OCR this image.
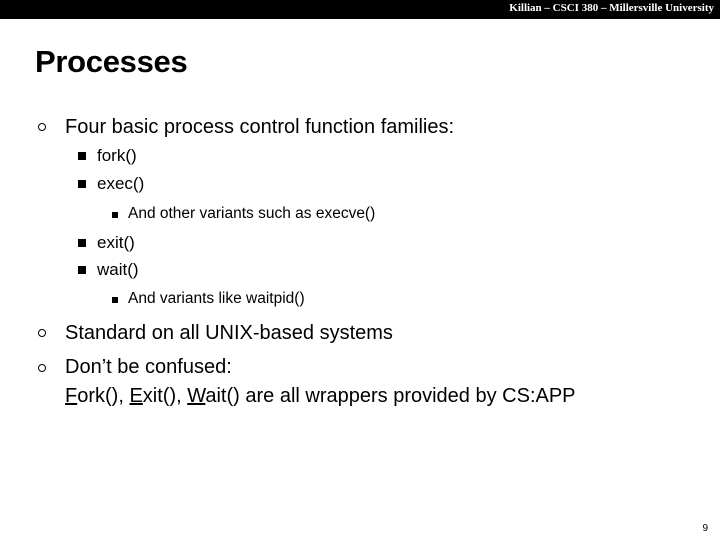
Killian – CSCI 380 – Millersville University
Processes
Four basic process control function families:
fork()
exec()
And other variants such as execve()
exit()
wait()
And variants like waitpid()
Standard on all UNIX-based systems
Don’t be confused:
Fork(), Exit(), Wait() are all wrappers provided by CS:APP
9
